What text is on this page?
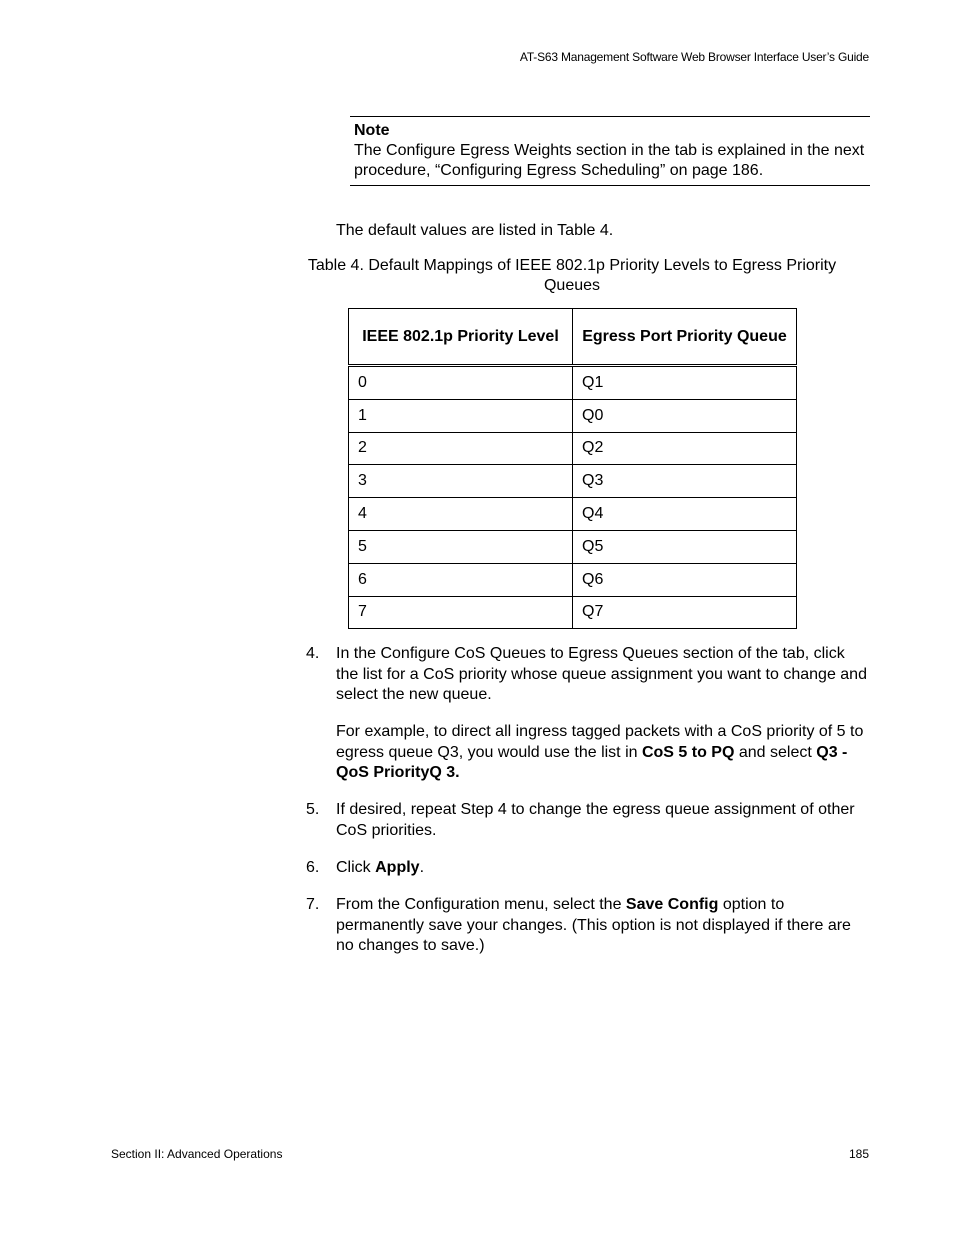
AT-S63 Management Software Web Browser Interface User’s Guide
Note
The Configure Egress Weights section in the tab is explained in the next procedure, “Configuring Egress Scheduling” on page 186.
The default values are listed in Table 4.
Table 4. Default Mappings of IEEE 802.1p Priority Levels to Egress Priority Queues
IEEE 802.1p Priority Level	Egress Port Priority Queue
0	Q1
1	Q0
2	Q2
3	Q3
4	Q4
5	Q5
6	Q6
7	Q7
4.	In the Configure CoS Queues to Egress Queues section of the tab, click the list for a CoS priority whose queue assignment you want to change and select the new queue.
For example, to direct all ingress tagged packets with a CoS priority of 5 to egress queue Q3, you would use the list in CoS 5 to PQ and select Q3 - QoS PriorityQ 3.
5.	If desired, repeat Step 4 to change the egress queue assignment of other CoS priorities.
6.	Click Apply.
7.	From the Configuration menu, select the Save Config option to permanently save your changes. (This option is not displayed if there are no changes to save.)
Section II: Advanced Operations	185
